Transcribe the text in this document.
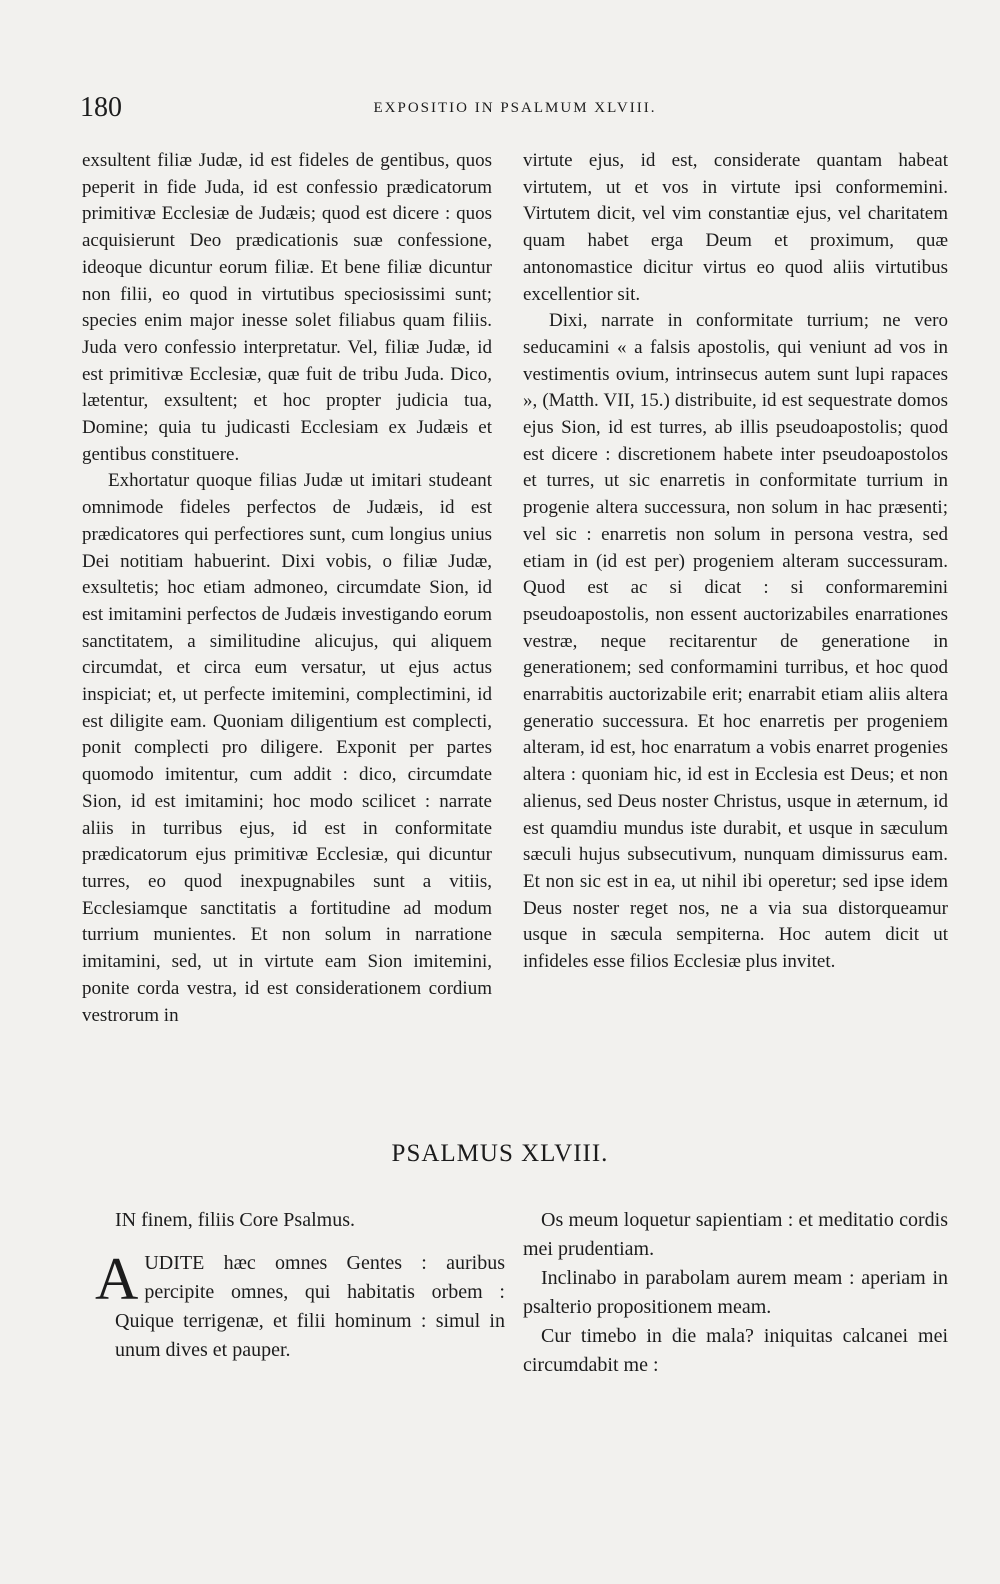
180	EXPOSITIO IN PSALMUM XLVIII.

exsultent filiæ Judæ, id est fideles de gentibus, quos peperit in fide Juda, id est confessio prædicatorum primitivæ Ecclesiæ de Judæis; quod est dicere : quos acquisierunt Deo prædicationis suæ confessione, ideoque dicuntur eorum filiæ. Et bene filiæ dicuntur non filii, eo quod in virtutibus speciosissimi sunt; species enim major inesse solet filiabus quam filiis. Juda vero confessio interpretatur. Vel, filiæ Judæ, id est primitivæ Ecclesiæ, quæ fuit de tribu Juda. Dico, lætentur, exsultent; et hoc propter judicia tua, Domine; quia tu judicasti Ecclesiam ex Judæis et gentibus constituere.

Exhortatur quoque filias Judæ ut imitari studeant omnimode fideles perfectos de Judæis, id est prædicatores qui perfectiores sunt, cum longius unius Dei notitiam habuerint. Dixi vobis, o filiæ Judæ, exsultetis; hoc etiam admoneo, circumdate Sion, id est imitamini perfectos de Judæis investigando eorum sanctitatem, a similitudine alicujus, qui aliquem circumdat, et circa eum versatur, ut ejus actus inspiciat; et, ut perfecte imitemini, complectimini, id est diligite eam. Quoniam diligentium est complecti, ponit complecti pro diligere. Exponit per partes quomodo imitentur, cum addit : dico, circumdate Sion, id est imitamini; hoc modo scilicet : narrate aliis in turribus ejus, id est in conformitate prædicatorum ejus primitivæ Ecclesiæ, qui dicuntur turres, eo quod inexpugnabiles sunt a vitiis, Ecclesiamque sanctitatis a fortitudine ad modum turrium munientes. Et non solum in narratione imitamini, sed, ut in virtute eam Sion imitemini, ponite corda vestra, id est considerationem cordium vestrorum in

virtute ejus, id est, considerate quantam habeat virtutem, ut et vos in virtute ipsi conformemini. Virtutem dicit, vel vim constantiæ ejus, vel charitatem quam habet erga Deum et proximum, quæ antonomastice dicitur virtus eo quod aliis virtutibus excellentior sit.

Dixi, narrate in conformitate turrium; ne vero seducamini « a falsis apostolis, qui veniunt ad vos in vestimentis ovium, intrinsecus autem sunt lupi rapaces », (Matth. VII, 15.) distribuite, id est sequestrate domos ejus Sion, id est turres, ab illis pseudoapostolis; quod est dicere : discretionem habete inter pseudoapostolos et turres, ut sic enarretis in conformitate turrium in progenie altera successura, non solum in hac præsenti; vel sic : enarretis non solum in persona vestra, sed etiam in (id est per) progeniem alteram successuram. Quod est ac si dicat : si conformaremini pseudoapostolis, non essent auctorizabiles enarrationes vestræ, neque recitarentur de generatione in generationem; sed conformamini turribus, et hoc quod enarrabitis auctorizabile erit; enarrabit etiam aliis altera generatio successura. Et hoc enarretis per progeniem alteram, id est, hoc enarratum a vobis enarret progenies altera : quoniam hic, id est in Ecclesia est Deus; et non alienus, sed Deus noster Christus, usque in æternum, id est quamdiu mundus iste durabit, et usque in sæculum sæculi hujus subsecutivum, nunquam dimissurus eam. Et non sic est in ea, ut nihil ibi operetur; sed ipse idem Deus noster reget nos, ne a via sua distorqueamur usque in sæcula sempiterna. Hoc autem dicit ut infideles esse filios Ecclesiæ plus invitet.

PSALMUS XLVIII.

IN finem, filiis Core Psalmus.

A UDITE hæc omnes Gentes : auribus percipite omnes, qui habitatis orbem : Quique terrigenæ, et filii hominum : simul in unum dives et pauper.

Os meum loquetur sapientiam : et meditatio cordis mei prudentiam.

Inclinabo in parabolam aurem meam : aperiam in psalterio propositionem meam.

Cur timebo in die mala? iniquitas calcanei mei circumdabit me :
